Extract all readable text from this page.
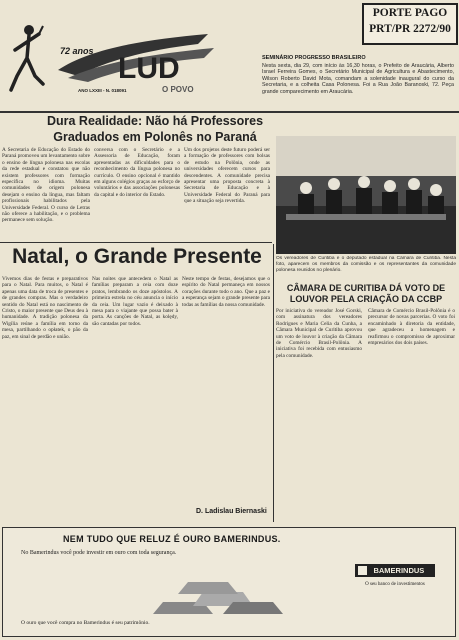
LUD
72 anos
ANO LXXIII - N. 018091	O POVO
PORTE PAGO
PRT/PR 2272/90
SEMINÁRIO PROGRESSO BRASILEIRO
Nesta sexta, dia 29, com início às 16,30 horas, o Prefeito de Araucária, Alberto Israel Ferreira Gomes, o Secretário Municipal de Agricultura e Abastecimento, Wilson Roberto David Mota, comandam a solenidade inaugural do curso da Secretaria, e a colheita Casa Polonesa. Foi a Rua João Baranoski, 72. Peça grande comparecimento em Araucária.
Dura Realidade: Não há Professores
Graduados em Polonês no Paraná
A Secretaria de Educação do Estado do Paraná promoveu um levantamento sobre o ensino de língua polonesa nas escolas da rede estadual e constatou que não existem professores com formação específica no idioma. Muitas comunidades de origem polonesa desejam o ensino da língua, mas faltam profissionais habilitados pela Universidade Federal. O curso de Letras não oferece a habilitação, e o problema permanece sem solução.
conversa com o Secretário e a Assessoria de Educação, foram apresentadas as dificuldades para o reconhecimento da língua polonesa no currículo. O ensino opcional é mantido em alguns colégios graças ao esforço de voluntários e das associações polonesas da capital e do interior do Estado.
Um dos projetos deste futuro poderá ser a formação de professores com bolsas de estudo na Polônia, onde as universidades oferecem cursos para descendentes. A comunidade precisa apresentar uma proposta concreta à Secretaria de Educação e à Universidade Federal do Paraná para que a situação seja revertida.
Os vereadores de Curitiba e o deputado estadual na Câmara de Curitiba. Nesta foto, aparecem os membros da comissão e os representantes da comunidade polonesa reunidos no plenário.
Natal, o Grande Presente
Vivemos dias de festas e preparativos para o Natal. Para muitos, o Natal é apenas uma data de troca de presentes e de grandes compras. Mas o verdadeiro sentido do Natal está no nascimento de Cristo, o maior presente que Deus deu à humanidade. A tradição polonesa da Wigília reúne a família em torno da mesa, partilhando o opłatek, o pão da paz, em sinal de perdão e união.
Nas noites que antecedem o Natal as famílias preparam a ceia com doze pratos, lembrando os doze apóstolos. A primeira estrela no céu anuncia o início da ceia. Um lugar vazio é deixado à mesa para o viajante que possa bater à porta. As canções de Natal, as kolędy, são cantadas por todos.
Neste tempo de festas, desejamos que o espírito do Natal permaneça em nossos corações durante todo o ano. Que a paz e a esperança sejam o grande presente para todas as famílias da nossa comunidade.
D. Ladislau Biernaski
CÂMARA DE CURITIBA DÁ VOTO DE
LOUVOR PELA CRIAÇÃO DA CCBP
Por iniciativa do vereador José Gorski, com assinatura dos vereadores Rodrigues e Maria Celia da Cunha, a Câmara Municipal de Curitiba aprovou um voto de louvor à criação da Câmara de Comércio Brasil-Polônia. A iniciativa foi recebida com entusiasmo pela comunidade.
Câmara de Comércio Brasil-Polônia é o precursor de novas parcerias. O voto foi encaminhado à diretoria da entidade, que agradeceu a homenagem e reafirmou o compromisso de aproximar empresários dos dois países.
NEM TUDO QUE RELUZ É OURO BAMERINDUS.
No Bamerindus você pode investir em ouro com toda segurança.
O ouro que você compra no Bamerindus é seu patrimônio.
$^{BAMERINDUS}$
O seu banco de investimentos
